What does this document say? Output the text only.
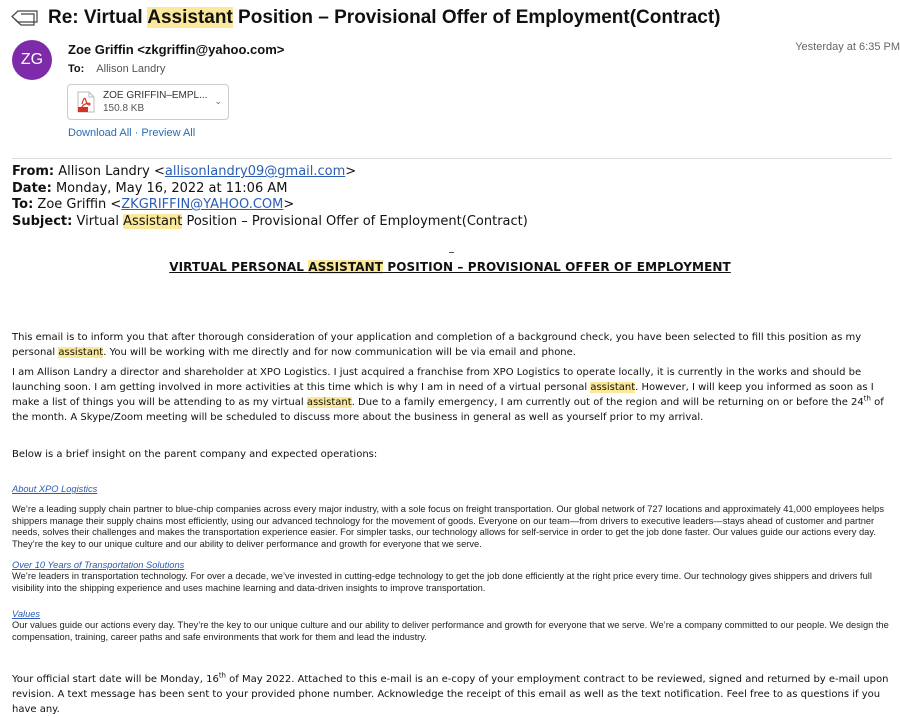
Re: Virtual Assistant Position – Provisional Offer of Employment(Contract)
ZG
Zoe Griffin <zkgriffin@yahoo.com>	Yesterday at 6:35 PM
To: Allison Landry
ZOE GRIFFIN–EMPL...
150.8 KB
⌄
Download All · Preview All
From: Allison Landry <allisonlandry09@gmail.com>
Date: Monday, May 16, 2022 at 11:06 AM
To: Zoe Griffin <ZKGRIFFIN@YAHOO.COM>
Subject: Virtual Assistant Position – Provisional Offer of Employment(Contract)
VIRTUAL PERSONAL ASSISTANT POSITION – PROVISIONAL OFFER OF EMPLOYMENT
This email is to inform you that after thorough consideration of your application and completion of a background check, you have been selected to fill this position as my personal assistant. You will be working with me directly and for now communication will be via email and phone.
I am Allison Landry a director and shareholder at XPO Logistics. I just acquired a franchise from XPO Logistics to operate locally, it is currently in the works and should be launching soon. I am getting involved in more activities at this time which is why I am in need of a virtual personal assistant. However, I will keep you informed as soon as I make a list of things you will be attending to as my virtual assistant. Due to a family emergency, I am currently out of the region and will be returning on or before the 24th of the month. A Skype/Zoom meeting will be scheduled to discuss more about the business in general as well as yourself prior to my arrival.
Below is a brief insight on the parent company and expected operations:
About XPO Logistics
We’re a leading supply chain partner to blue-chip companies across every major industry, with a sole focus on freight transportation. Our global network of 727 locations and approximately 41,000 employees helps shippers manage their supply chains most efficiently, using our advanced technology for the movement of goods. Everyone on our team—from drivers to executive leaders—stays ahead of customer and partner needs, solves their challenges and makes the transportation experience easier. For simpler tasks, our technology allows for self-service in order to get the job done faster. Our values guide our actions every day. They’re the key to our unique culture and our ability to deliver performance and growth for everyone that we serve.
Over 10 Years of Transportation Solutions
We’re leaders in transportation technology. For over a decade, we’ve invested in cutting-edge technology to get the job done efficiently at the right price every time. Our technology gives shippers and drivers full visibility into the shipping experience and uses machine learning and data-driven insights to improve transportation.
Values
Our values guide our actions every day. They’re the key to our unique culture and our ability to deliver performance and growth for everyone that we serve. We’re a company committed to our people. We design the compensation, training, career paths and safe environments that work for them and lead the industry.
Your official start date will be Monday, 16th of May 2022. Attached to this e-mail is an e-copy of your employment contract to be reviewed, signed and returned by e-mail upon revision. A text message has been sent to your provided phone number. Acknowledge the receipt of this email as well as the text notification. Feel free to as questions if you have any.
